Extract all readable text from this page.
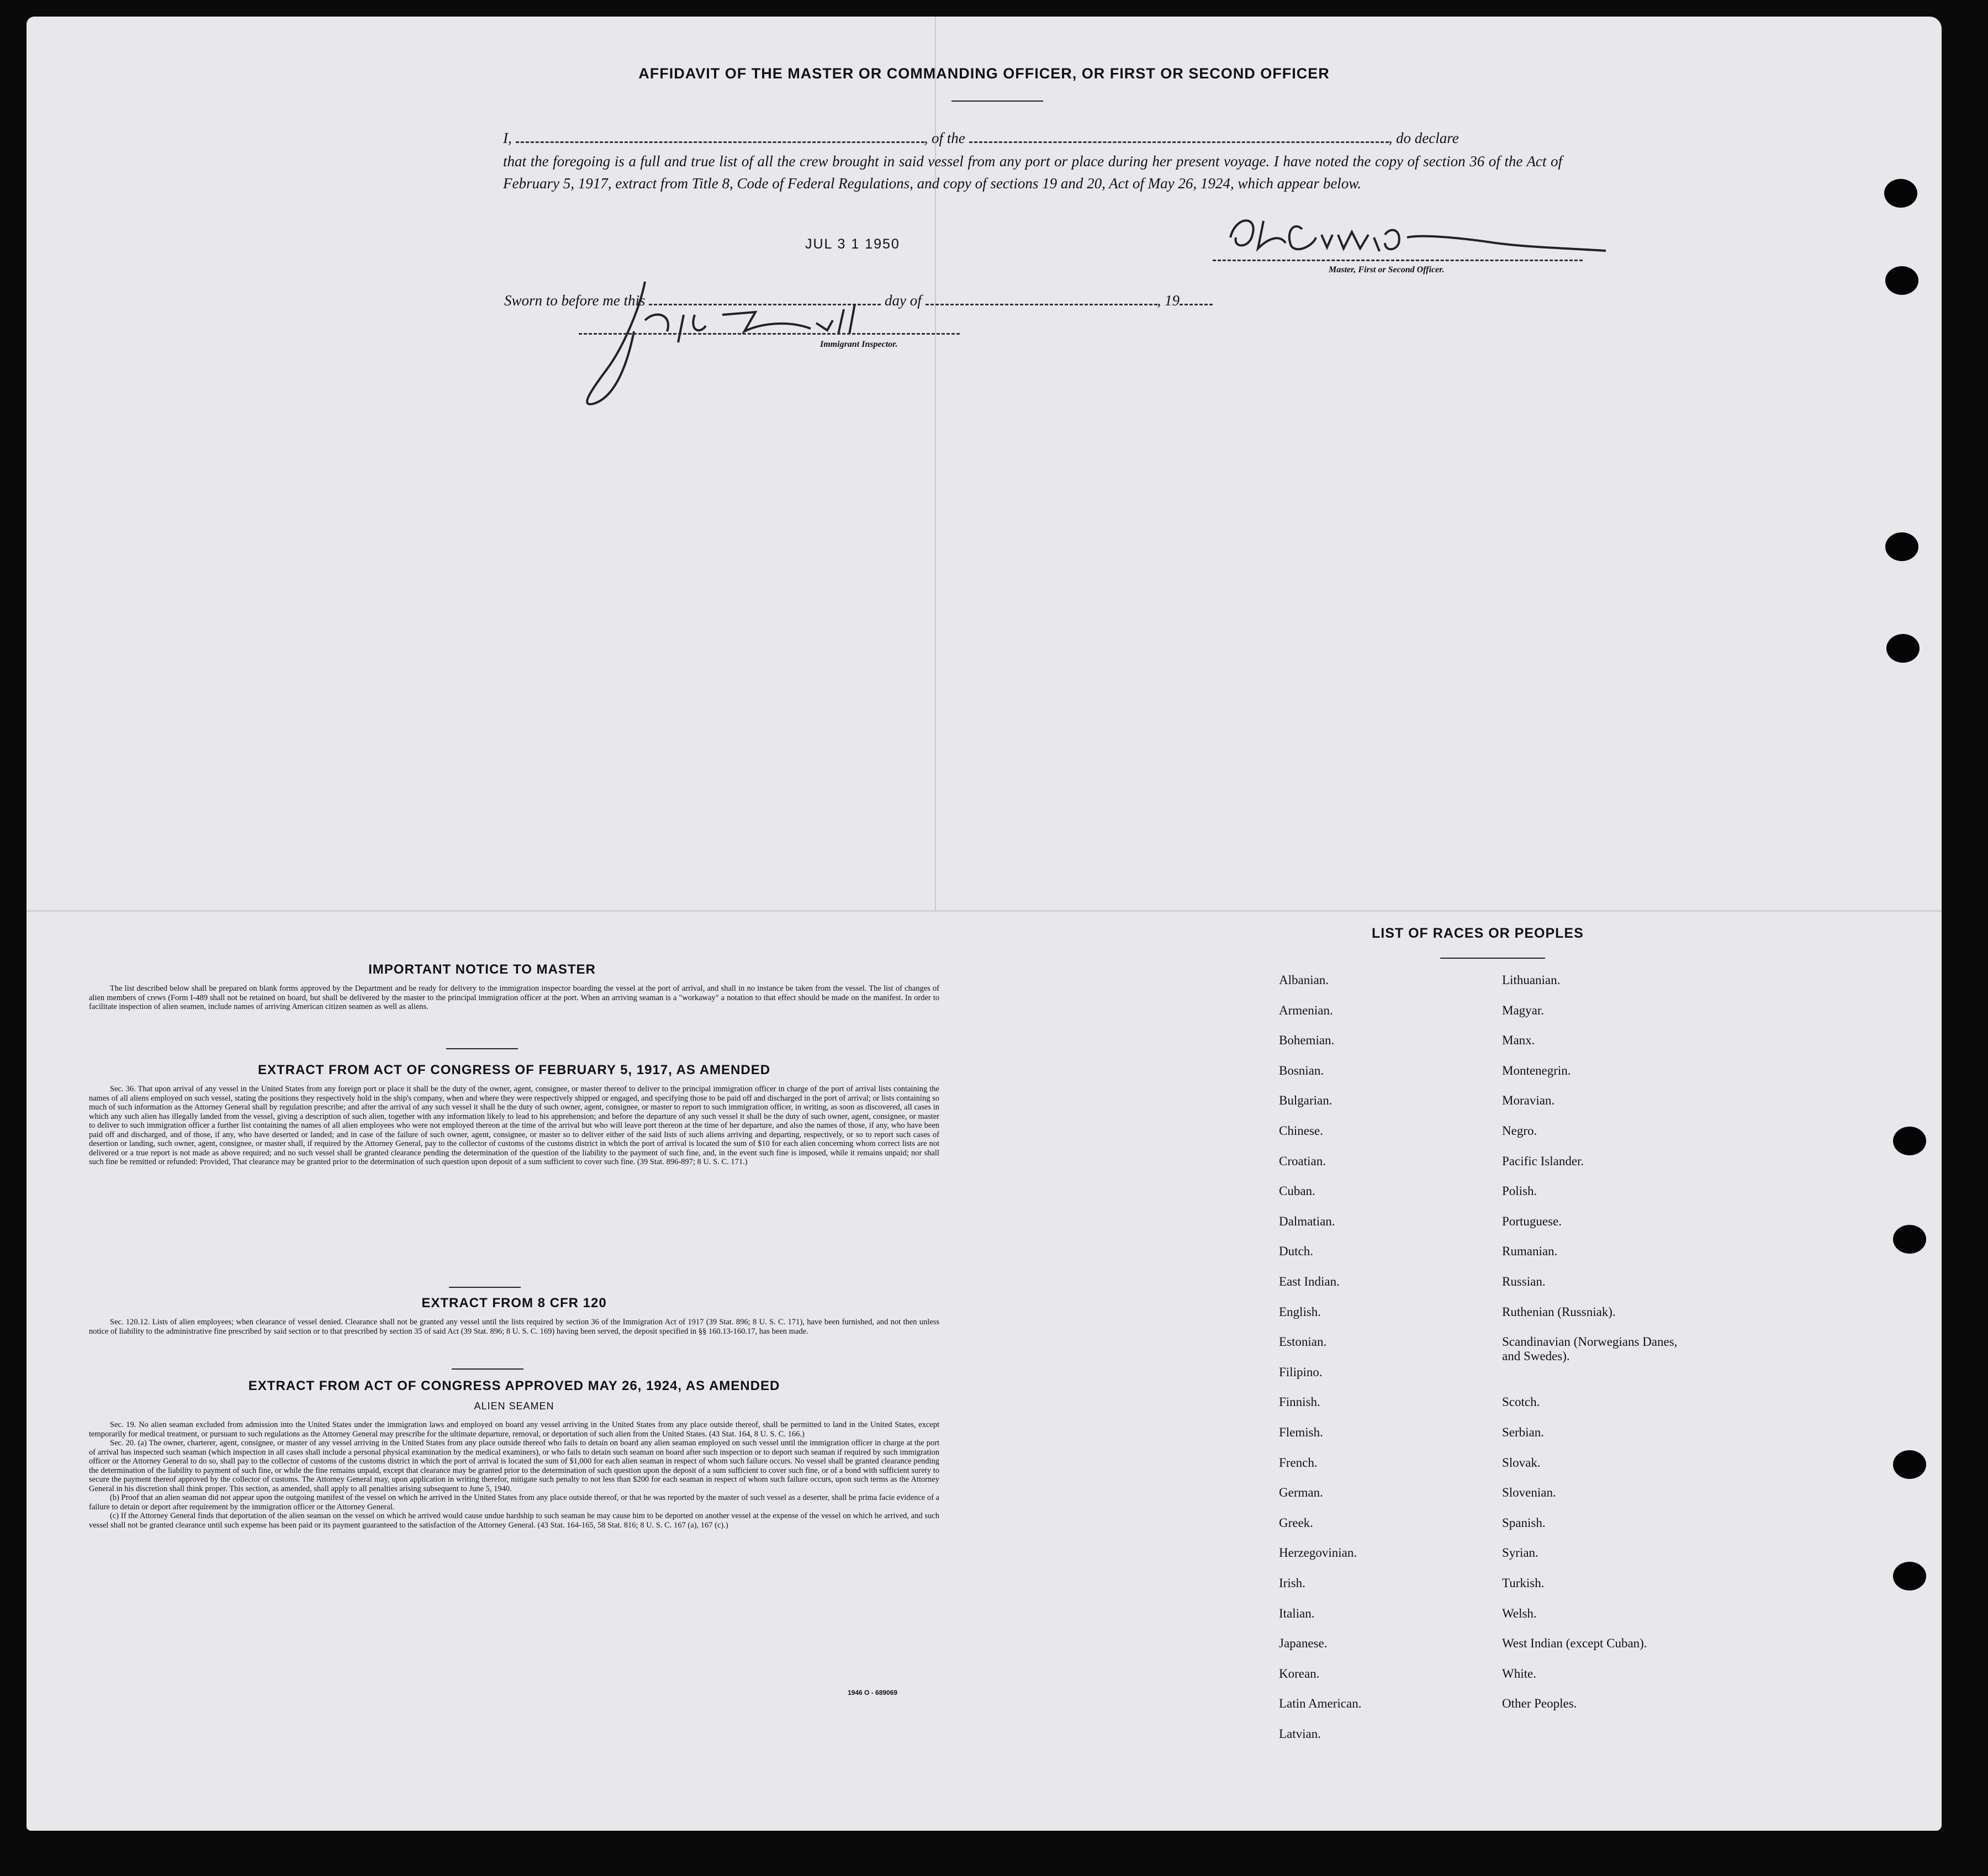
AFFIDAVIT OF THE MASTER OR COMMANDING OFFICER, OR FIRST OR SECOND OFFICER
I,	, of the	, do declare
that the foregoing is a full and true list of all the crew brought in said vessel from any port or place during her present voyage. I have noted the copy of section 36 of the Act of February 5, 1917, extract from Title 8, Code of Federal Regulations, and copy of sections 19 and 20, Act of May 26, 1924, which appear below.
JUL 3 1 1950
Master, First or Second Officer.
Sworn to before me this	day of	, 19
Immigrant Inspector.
IMPORTANT NOTICE TO MASTER

The list described below shall be prepared on blank forms approved by the Department and be ready for delivery to the immigration inspector boarding the vessel at the port of arrival, and shall in no instance be taken from the vessel. The list of changes of alien members of crews (Form I-489 shall not be retained on board, but shall be delivered by the master to the principal immigration officer at the port. When an arriving seaman is a "workaway" a notation to that effect should be made on the manifest. In order to facilitate inspection of alien seamen, include names of arriving American citizen seamen as well as aliens.

EXTRACT FROM ACT OF CONGRESS OF FEBRUARY 5, 1917, AS AMENDED

Sec. 36. That upon arrival of any vessel in the United States from any foreign port or place it shall be the duty of the owner, agent, consignee, or master thereof to deliver to the principal immigration officer in charge of the port of arrival lists containing the names of all aliens employed on such vessel, stating the positions they respectively hold in the ship's company, when and where they were respectively shipped or engaged, and specifying those to be paid off and discharged in the port of arrival; or lists containing so much of such information as the Attorney General shall by regulation prescribe; and after the arrival of any such vessel it shall be the duty of such owner, agent, consignee, or master to report to such immigration officer, in writing, as soon as discovered, all cases in which any such alien has illegally landed from the vessel, giving a description of such alien, together with any information likely to lead to his apprehension; and before the departure of any such vessel it shall be the duty of such owner, agent, consignee, or master to deliver to such immigration officer a further list containing the names of all alien employees who were not employed thereon at the time of the arrival but who will leave port thereon at the time of her departure, and also the names of those, if any, who have been paid off and discharged, and of those, if any, who have deserted or landed; and in case of the failure of such owner, agent, consignee, or master so to deliver either of the said lists of such aliens arriving and departing, respectively, or so to report such cases of desertion or landing, such owner, agent, consignee, or master shall, if required by the Attorney General, pay to the collector of customs of the customs district in which the port of arrival is located the sum of $10 for each alien concerning whom correct lists are not delivered or a true report is not made as above required; and no such vessel shall be granted clearance pending the determination of the question of the liability to the payment of such fine, and, in the event such fine is imposed, while it remains unpaid; nor shall such fine be remitted or refunded: Provided, That clearance may be granted prior to the determination of such question upon deposit of a sum sufficient to cover such fine. (39 Stat. 896-897; 8 U. S. C. 171.)

EXTRACT FROM 8 CFR 120

Sec. 120.12. Lists of alien employees; when clearance of vessel denied. Clearance shall not be granted any vessel until the lists required by section 36 of the Immigration Act of 1917 (39 Stat. 896; 8 U. S. C. 171), have been furnished, and not then unless notice of liability to the administrative fine prescribed by said section or to that prescribed by section 35 of said Act (39 Stat. 896; 8 U. S. C. 169) having been served, the deposit specified in §§ 160.13-160.17, has been made.

EXTRACT FROM ACT OF CONGRESS APPROVED MAY 26, 1924, AS AMENDED
ALIEN SEAMEN

Sec. 19. No alien seaman excluded from admission into the United States under the immigration laws and employed on board any vessel arriving in the United States from any place outside thereof, shall be permitted to land in the United States, except temporarily for medical treatment, or pursuant to such regulations as the Attorney General may prescribe for the ultimate departure, removal, or deportation of such alien from the United States. (43 Stat. 164, 8 U. S. C. 166.)

Sec. 20. (a) The owner, charterer, agent, consignee, or master of any vessel arriving in the United States from any place outside thereof who fails to detain on board any alien seaman employed on such vessel until the immigration officer in charge at the port of arrival has inspected such seaman (which inspection in all cases shall include a personal physical examination by the medical examiners), or who fails to detain such seaman on board after such inspection or to deport such seaman if required by such immigration officer or the Attorney General to do so, shall pay to the collector of customs of the customs district in which the port of arrival is located the sum of $1,000 for each alien seaman in respect of whom such failure occurs. No vessel shall be granted clearance pending the determination of the liability to payment of such fine, or while the fine remains unpaid, except that clearance may be granted prior to the determination of such question upon the deposit of a sum sufficient to cover such fine, or of a bond with sufficient surety to secure the payment thereof approved by the collector of customs. The Attorney General may, upon application in writing therefor, mitigate such penalty to not less than $200 for each seaman in respect of whom such failure occurs, upon such terms as the Attorney General in his discretion shall think proper. This section, as amended, shall apply to all penalties arising subsequent to June 5, 1940.

(b) Proof that an alien seaman did not appear upon the outgoing manifest of the vessel on which he arrived in the United States from any place outside thereof, or that he was reported by the master of such vessel as a deserter, shall be prima facie evidence of a failure to detain or deport after requirement by the immigration officer or the Attorney General.

(c) If the Attorney General finds that deportation of the alien seaman on the vessel on which he arrived would cause undue hardship to such seaman he may cause him to be deported on another vessel at the expense of the vessel on which he arrived, and such vessel shall not be granted clearance until such expense has been paid or its payment guaranteed to the satisfaction of the Attorney General. (43 Stat. 164-165, 58 Stat. 816; 8 U. S. C. 167 (a), 167 (c).)

1946 O - 689069
LIST OF RACES OR PEOPLES
Albanian.
Armenian.
Bohemian.
Bosnian.
Bulgarian.
Chinese.
Croatian.
Cuban.
Dalmatian.
Dutch.
East Indian.
English.
Estonian.
Filipino.
Finnish.
Flemish.
French.
German.
Greek.
Herzegovinian.
Irish.
Italian.
Japanese.
Korean.
Latin American.
Latvian.
Lithuanian.
Magyar.
Manx.
Montenegrin.
Moravian.
Negro.
Pacific Islander.
Polish.
Portuguese.
Rumanian.
Russian.
Ruthenian (Russniak).
Scandinavian (Norwegians Danes, and Swedes).
Scotch.
Serbian.
Slovak.
Slovenian.
Spanish.
Syrian.
Turkish.
Welsh.
West Indian (except Cuban).
White.
Other Peoples.
